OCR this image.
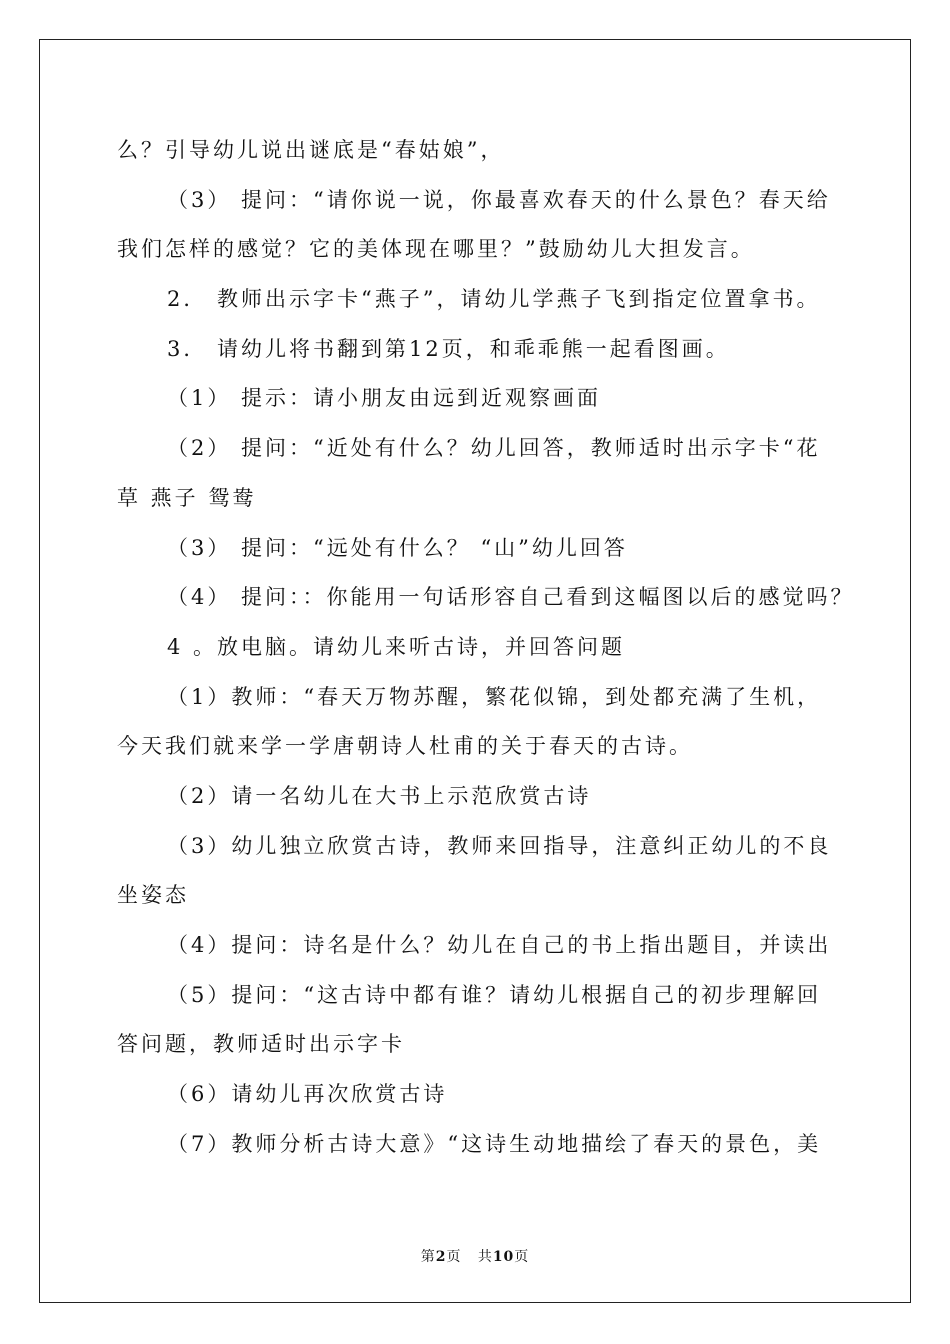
么？引导幼儿说出谜底是“春姑娘”，
（3） 提问：“请你说一说，你最喜欢春天的什么景色？春天给
我们怎样的感觉？它的美体现在哪里？”鼓励幼儿大担发言。
2． 教师出示字卡“燕子”，请幼儿学燕子飞到指定位置拿书。
3． 请幼儿将书翻到第12页，和乖乖熊一起看图画。
（1） 提示：请小朋友由远到近观察画面
（2） 提问：“近处有什么？幼儿回答，教师适时出示字卡“花
草 燕子 鸳鸯
（3） 提问：“远处有什么？ “山”幼儿回答
（4） 提问：：你能用一句话形容自己看到这幅图以后的感觉吗？
4 。放电脑。请幼儿来听古诗，并回答问题
（1）教师：“春天万物苏醒，繁花似锦，到处都充满了生机，
今天我们就来学一学唐朝诗人杜甫的关于春天的古诗。
（2）请一名幼儿在大书上示范欣赏古诗
（3）幼儿独立欣赏古诗，教师来回指导，注意纠正幼儿的不良
坐姿态
（4）提问：诗名是什么？幼儿在自己的书上指出题目，并读出
（5）提问：“这古诗中都有谁？请幼儿根据自己的初步理解回
答问题，教师适时出示字卡
（6）请幼儿再次欣赏古诗
（7）教师分析古诗大意》“这诗生动地描绘了春天的景色，美
第2页 共10页
